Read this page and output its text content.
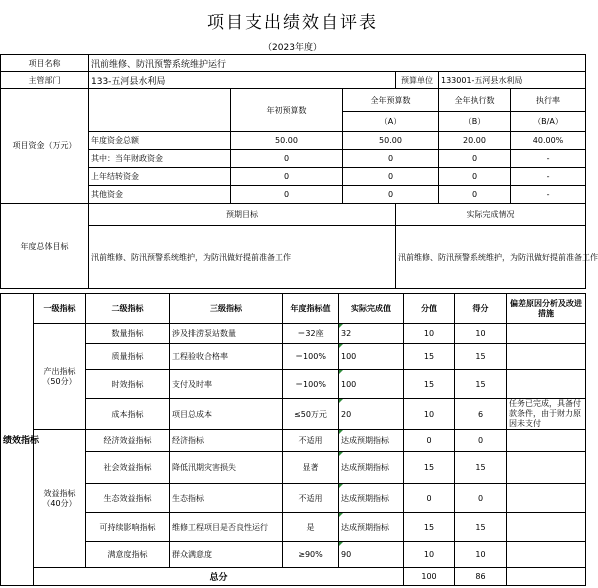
项目支出绩效自评表
（2023年度）
项目名称	汛前维修、防汛预警系统维护运行					
主管部门	133-五河县水利局			预算单位	133001-五河县水利局	
项目资金（万元）		年初预算数	全年预算数		全年执行数	执行率
			（A）		（B）	（B/A）
	年度资金总额	50.00	50.00		20.00	40.00%
	其中：当年财政资金	0	0		0	-
	上年结转资金	0	0		0	-
	其他资金	0	0		0	-
年度总体目标	预期目标			实际完成情况		
	汛前维修、防汛预警系统维护，为防汛做好提前准备工作			汛前维修、防汛预警系统维护，为防汛做好提前准备工作		
绩效指标	一级指标	二级指标	三级指标	年度指标值	实际完成值	分值	得分	偏差原因分析及改进措施
	产出指标（50分）	数量指标	涉及排涝泵站数量	＝32座	32	10	10	
		质量指标	工程验收合格率	＝100%	100	15	15	
		时效指标	支付及时率	＝100%	100	15	15	
		成本指标	项目总成本	≤50万元	20	10	6	任务已完成，具备付款条件，由于财力原因未支付
	效益指标（40分）	经济效益指标	经济指标	不适用	达成预期指标	0	0	
		社会效益指标	降低汛期灾害损失	显著	达成预期指标	15	15	
		生态效益指标	生态指标	不适用	达成预期指标	0	0	
		可持续影响指标	维修工程项目是否良性运行	是	达成预期指标	15	15	
		满意度指标	群众满意度	≥90%	90	10	10	
	总分					100	86	
